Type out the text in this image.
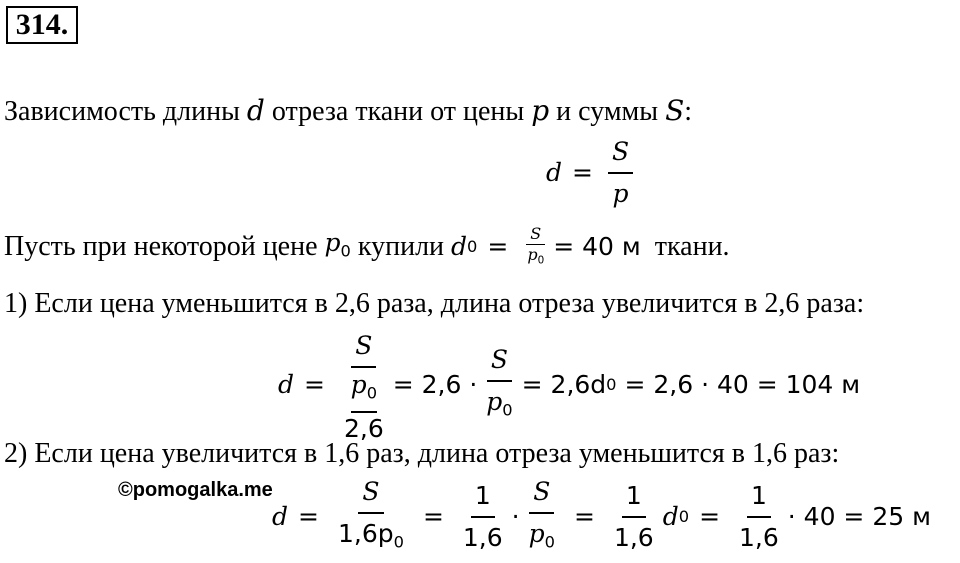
314.
Зависимость длины d отреза ткани от цены p и суммы S:
$d = \frac{S}{p}$
Пусть при некоторой цене
$p_0$
купили
d $0 = \frac{S}{p_0} = 40$ м
ткани.
1) Если цена уменьшится в 2,6 раза, длина отреза увеличится в 2,6 раза:
d = S
$p_0$
$2,6 = 2,6 \cdot \frac{S}{p_0} = 2,6d$ 0
= 2,6 · 40 = 104 м
2) Если цена увеличится в 1,6 раз, длина отреза уменьшится в 1,6 раз:
©pomogalka.me
$d = \frac{S}{1,6p_0} = \frac{1}{1,6} \cdot \frac{S}{p_0} = \frac{1}{1,6}$ d $0 = \frac{1}{1,6} \cdot 40 = 25$ м
